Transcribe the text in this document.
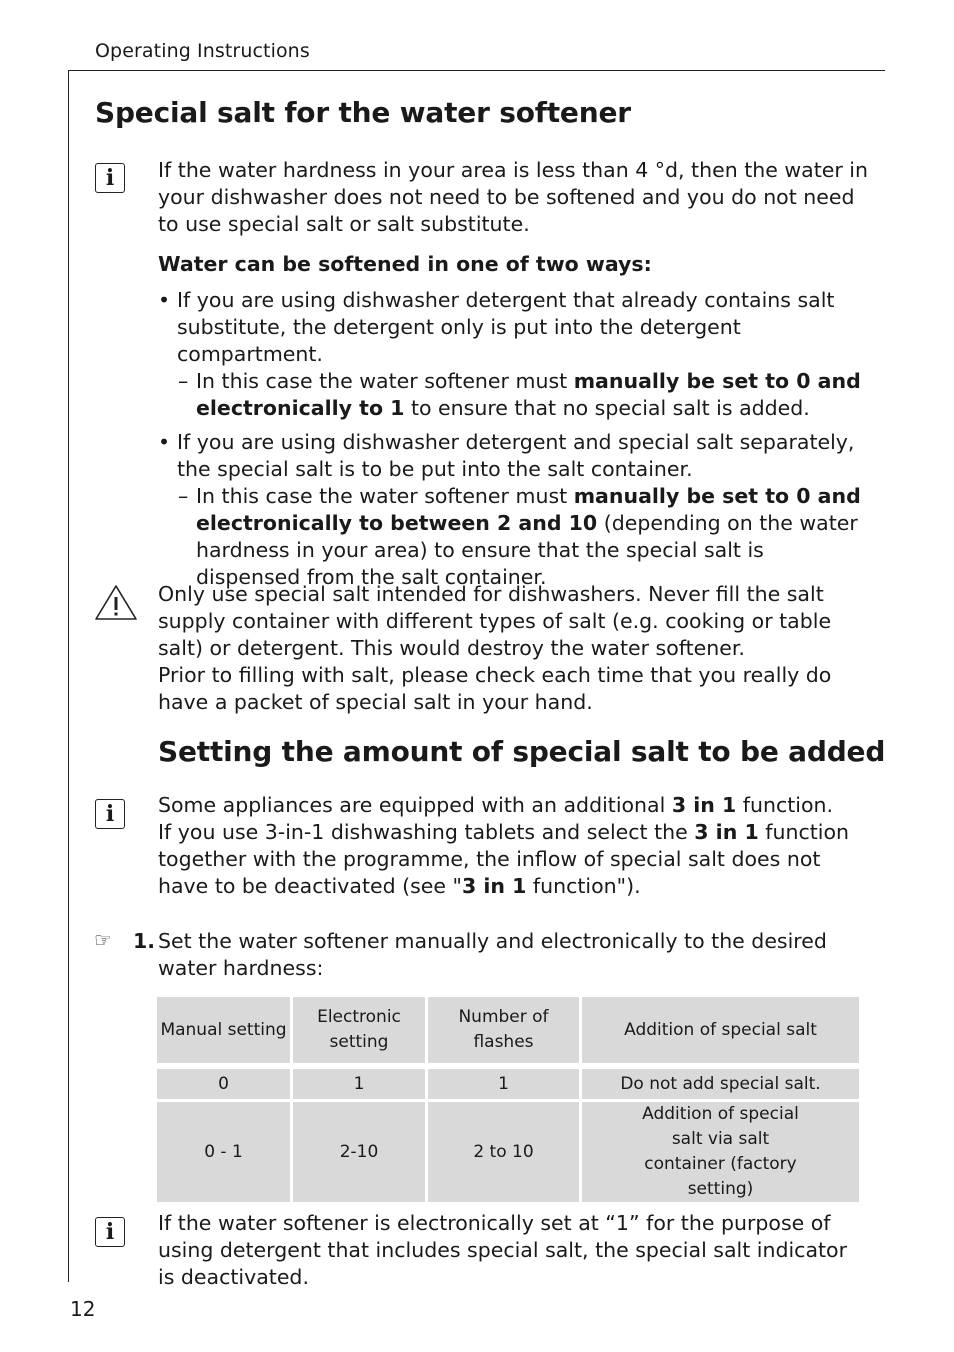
Operating Instructions
Special salt for the water softener
i	If the water hardness in your area is less than 4 °d, then the water in your dishwasher does not need to be softened and you do not need to use special salt or salt substitute.

Water can be softened in one of two ways:

• If you are using dishwasher detergent that already contains salt substitute, the detergent only is put into the detergent compartment.
– In this case the water softener must manually be set to 0 and electronically to 1 to ensure that no special salt is added.
• If you are using dishwasher detergent and special salt separately, the special salt is to be put into the salt container.
– In this case the water softener must manually be set to 0 and electronically to between 2 and 10 (depending on the water hardness in your area) to ensure that the special salt is dispensed from the salt container.

Only use special salt intended for dishwashers. Never fill the salt supply container with different types of salt (e.g. cooking or table salt) or detergent. This would destroy the water softener.

Prior to filling with salt, please check each time that you really do have a packet of special salt in your hand.

Setting the amount of special salt to be added
i	Some appliances are equipped with an additional 3 in 1 function.

If you use 3-in-1 dishwashing tablets and select the 3 in 1 function together with the programme, the inflow of special salt does not have to be deactivated (see "3 in 1 function").

☞ 1. Set the water softener manually and electronically to the desired water hardness:

Manual setting	Electronic setting	Number of flashes	Addition of special salt

0	1	1	Do not add special salt.
0 - 1	2-10	2 to 10	Addition of special salt via salt container (factory setting)
i	If the water softener is electronically set at “1” for the purpose of using detergent that includes special salt, the special salt indicator is deactivated.

12
